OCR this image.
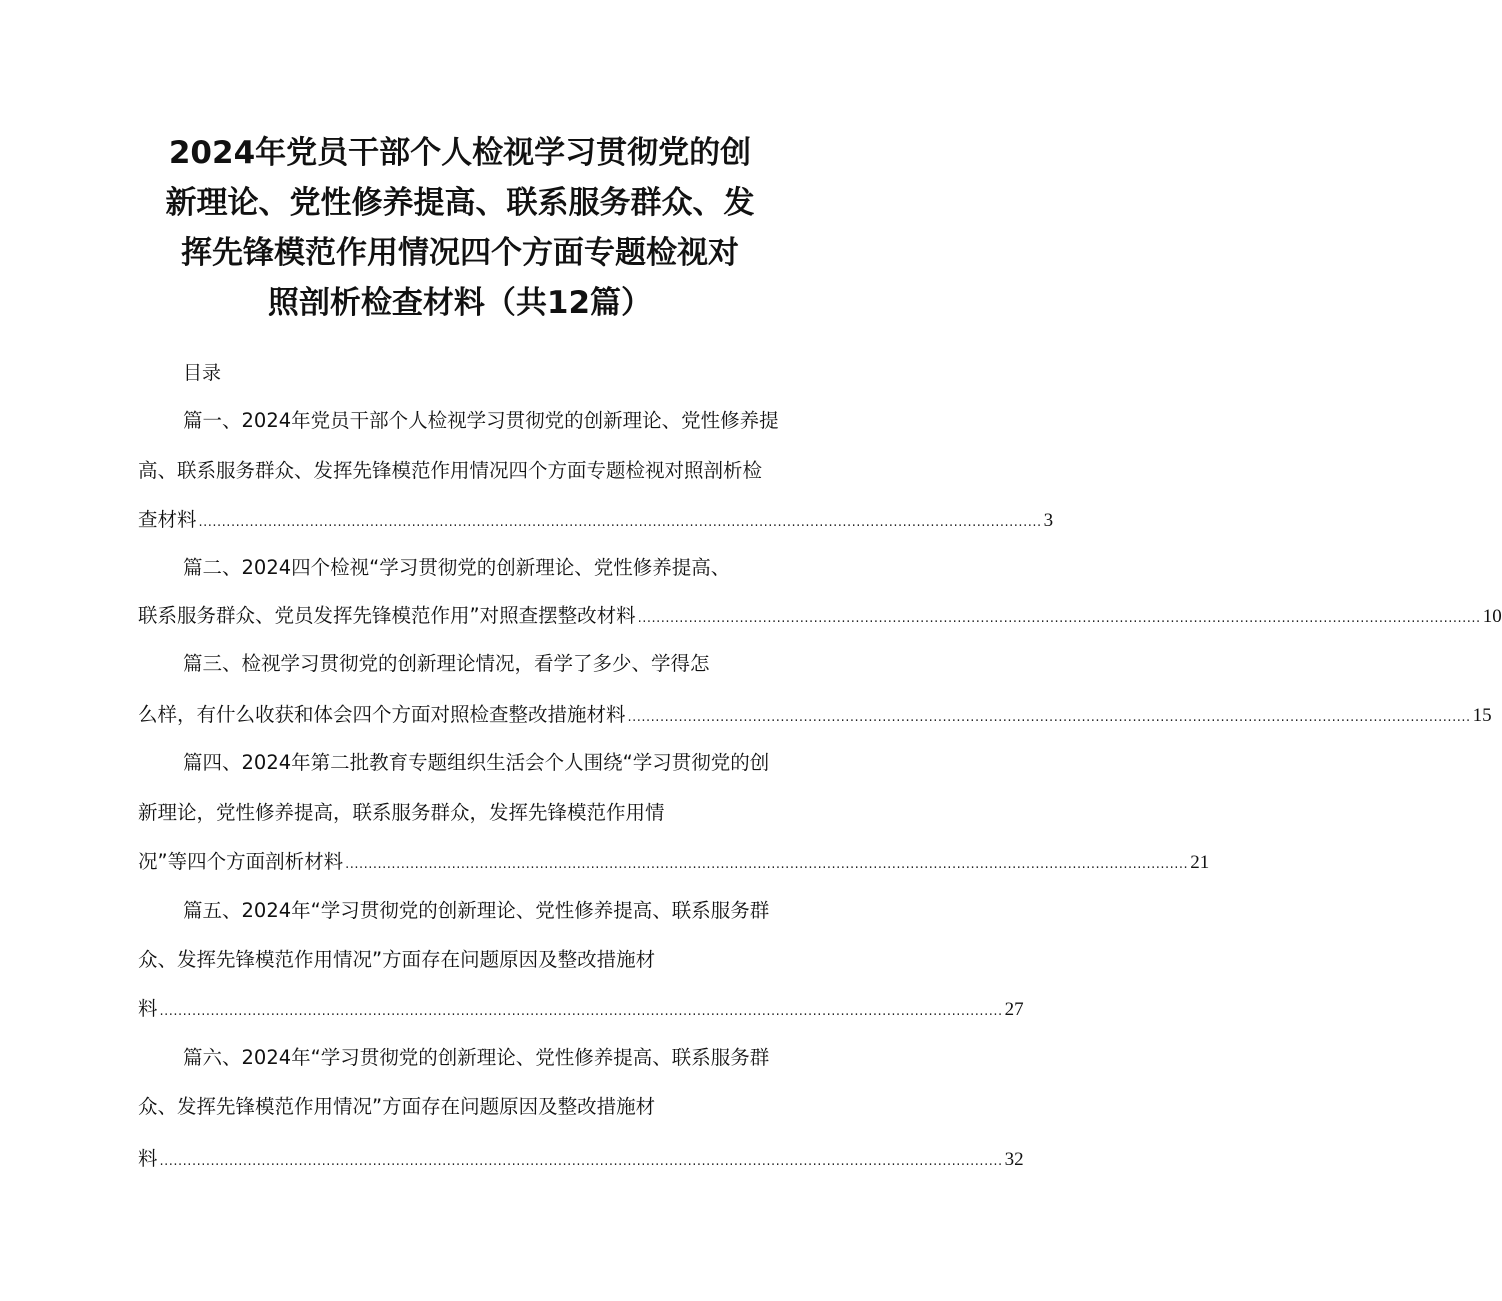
2024年党员干部个人检视学习贯彻党的创
新理论、党性修养提高、联系服务群众、发
挥先锋模范作用情况四个方面专题检视对
照剖析检查材料（共12篇）
目录
篇一、2024年党员干部个人检视学习贯彻党的创新理论、党性修养提
高、联系服务群众、发挥先锋模范作用情况四个方面专题检视对照剖析检
查材料 ...................................................................................................................................................................................... 3
篇二、2024四个检视“学习贯彻党的创新理论、党性修养提高、
联系服务群众、党员发挥先锋模范作用”对照查摆整改材料 ...................................................................................................................................................................................... 10
篇三、检视学习贯彻党的创新理论情况，看学了多少、学得怎
么样，有什么收获和体会四个方面对照检查整改措施材料 ...................................................................................................................................................................................... 15
篇四、2024年第二批教育专题组织生活会个人围绕“学习贯彻党的创
新理论，党性修养提高，联系服务群众，发挥先锋模范作用情
况”等四个方面剖析材料 ...................................................................................................................................................................................... 21
篇五、2024年“学习贯彻党的创新理论、党性修养提高、联系服务群
众、发挥先锋模范作用情况”方面存在问题原因及整改措施材
料 ...................................................................................................................................................................................... 27
篇六、2024年“学习贯彻党的创新理论、党性修养提高、联系服务群
众、发挥先锋模范作用情况”方面存在问题原因及整改措施材
料 ...................................................................................................................................................................................... 32
